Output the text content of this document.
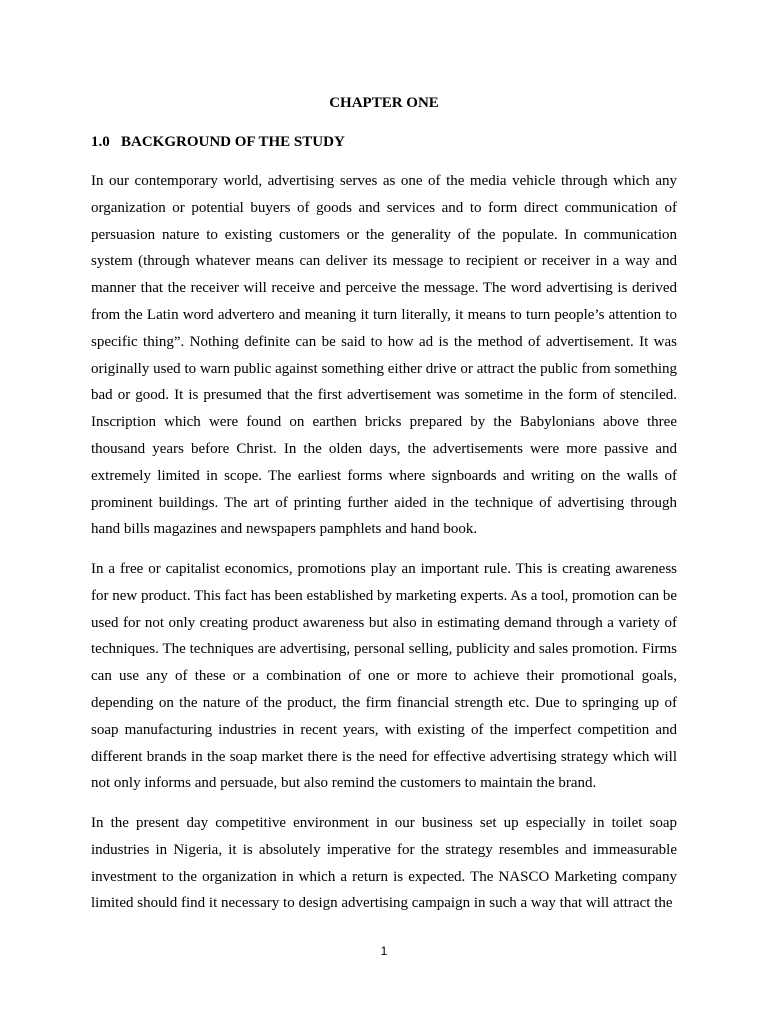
CHAPTER ONE
1.0 BACKGROUND OF THE STUDY

In our contemporary world, advertising serves as one of the media vehicle through which any organization or potential buyers of goods and services and to form direct communication of persuasion nature to existing customers or the generality of the populate. In communication system (through whatever means can deliver its message to recipient or receiver in a way and manner that the receiver will receive and perceive the message. The word advertising is derived from the Latin word advertero and meaning it turn literally, it means to turn people’s attention to specific thing”. Nothing definite can be said to how ad is the method of advertisement. It was originally used to warn public against something either drive or attract the public from something bad or good. It is presumed that the first advertisement was sometime in the form of stenciled. Inscription which were found on earthen bricks prepared by the Babylonians above three thousand years before Christ. In the olden days, the advertisements were more passive and extremely limited in scope. The earliest forms where signboards and writing on the walls of prominent buildings. The art of printing further aided in the technique of advertising through hand bills magazines and newspapers pamphlets and hand book.

In a free or capitalist economics, promotions play an important rule. This is creating awareness for new product. This fact has been established by marketing experts. As a tool, promotion can be used for not only creating product awareness but also in estimating demand through a variety of techniques. The techniques are advertising, personal selling, publicity and sales promotion. Firms can use any of these or a combination of one or more to achieve their promotional goals, depending on the nature of the product, the firm financial strength etc. Due to springing up of soap manufacturing industries in recent years, with existing of the imperfect competition and different brands in the soap market there is the need for effective advertising strategy which will not only informs and persuade, but also remind the customers to maintain the brand.

In the present day competitive environment in our business set up especially in toilet soap industries in Nigeria, it is absolutely imperative for the strategy resembles and immeasurable investment to the organization in which a return is expected. The NASCO Marketing company limited should find it necessary to design advertising campaign in such a way that will attract the

1
